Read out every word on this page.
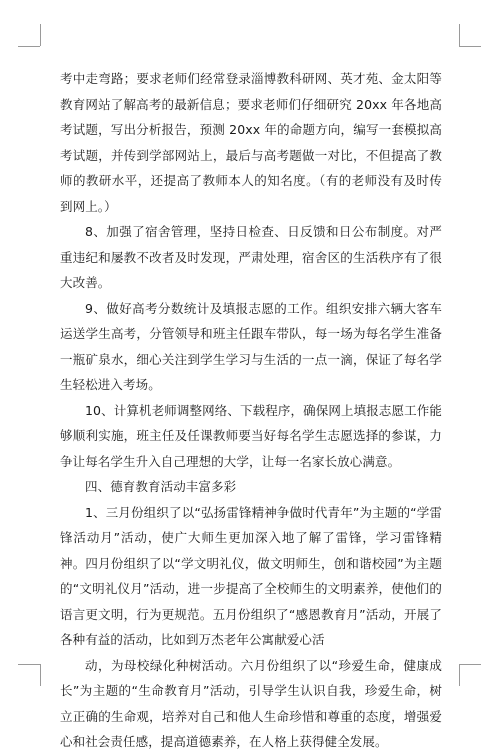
考中走弯路；要求老师们经常登录淄博教科研网、英才苑、金太阳等教育网站了解高考的最新信息；要求老师们仔细研究 20xx 年各地高考试题，写出分析报告，预测 20xx 年的命题方向，编写一套模拟高考试题，并传到学部网站上，最后与高考题做一对比，不但提高了教师的教研水平，还提高了教师本人的知名度。（有的老师没有及时传到网上。）

8、加强了宿舍管理，坚持日检查、日反馈和日公布制度。对严重违纪和屡教不改者及时发现，严肃处理，宿舍区的生活秩序有了很大改善。

9、做好高考分数统计及填报志愿的工作。组织安排六辆大客车运送学生高考，分管领导和班主任跟车带队，每一场为每名学生准备一瓶矿泉水，细心关注到学生学习与生活的一点一滴，保证了每名学生轻松进入考场。

10、计算机老师调整网络、下载程序，确保网上填报志愿工作能够顺利实施，班主任及任课教师要当好每名学生志愿选择的参谋，力争让每名学生升入自己理想的大学，让每一名家长放心满意。

四、德育教育活动丰富多彩

1、三月份组织了以“弘扬雷锋精神争做时代青年”为主题的“学雷锋活动月”活动，使广大师生更加深入地了解了雷锋，学习雷锋精神。四月份组织了以“学文明礼仪，做文明师生，创和谐校园”为主题的“文明礼仪月”活动，进一步提高了全校师生的文明素养，使他们的语言更文明，行为更规范。五月份组织了“感恩教育月”活动，开展了各种有益的活动，比如到万杰老年公寓献爱心活

动，为母校绿化种树活动。六月份组织了以“珍爱生命，健康成长”为主题的“生命教育月”活动，引导学生认识自我，珍爱生命，树立正确的生命观，培养对自己和他人生命珍惜和尊重的态度，增强爱心和社会责任感，提高道德素养，在人格上获得健全发展。
